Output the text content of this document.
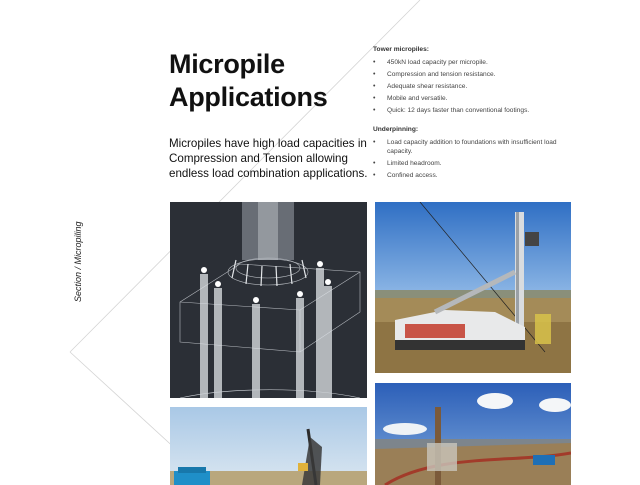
Section / Micropiling
Micropile
Applications

Micropiles have high load capacities in Compression and Tension allowing endless load combination applications.

Tower micropiles:
• 450kN load capacity per micropile.
• Compression and tension resistance.
• Adequate shear resistance.
• Mobile and versatile.
• Quick: 12 days faster than conventional footings.
Underpinning:
• Load capacity addition to foundations with insufficient load capacity.
• Limited headroom.
• Confined access.
